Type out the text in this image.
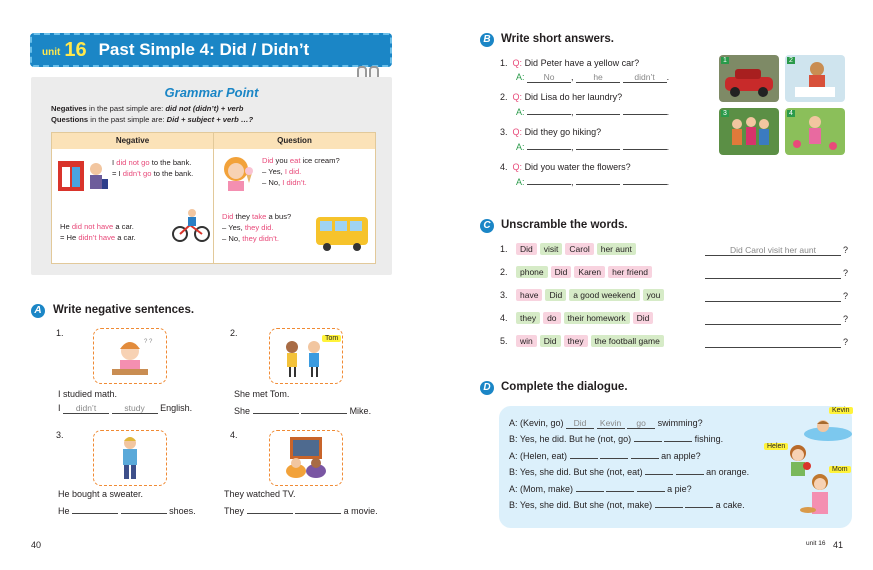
unit 16 Past Simple 4: Did / Didn’t
Grammar Point
Negatives in the past simple are: did not (didn’t) + verb
Questions in the past simple are: Did + subject + verb …?
Negative	Question
I did not go to the bank.
= I didn’t go to the bank.
He did not have a car.
= He didn’t have a car.
Did you eat ice cream?
– Yes, I did.
– No, I didn’t.
Did they take a bus?
– Yes, they did.
– No, they didn’t.
A Write negative sentences.
1.
? ?
I studied math.
I didn’t	study English.
2.
Tom
She met Tom.
She	Mike.
3.
He bought a sweater.
He	shoes.
4.
They watched TV.
They	a movie.
40
B Write short answers.
1. Q: Did Peter have a yellow car?
A: No , he	didn’t .
2. Q: Did Lisa do her laundry?
A:	,	.
3. Q: Did they go hiking?
A:	,	.
4. Q: Did you water the flowers?
A:	,	.
1	2
3	4
C Unscramble the words.
1. Did visit Carol her aunt	Did Carol visit her aunt	?
2. phone Did Karen her friend	?
3. have Did a good weekend you	?
4. they do their homework Did	?
5. win Did they the football game	?
D Complete the dialogue.
A: (Kevin, go) Did Kevin go swimming?
B: Yes, he did. But he (not, go)	fishing.
A: (Helen, eat)	an apple?
B: Yes, she did. But she (not, eat)	an orange.
A: (Mom, make)	a pie?
B: Yes, she did. But she (not, make)	a cake.
Kevin
Helen
Mom
unit 16 41
